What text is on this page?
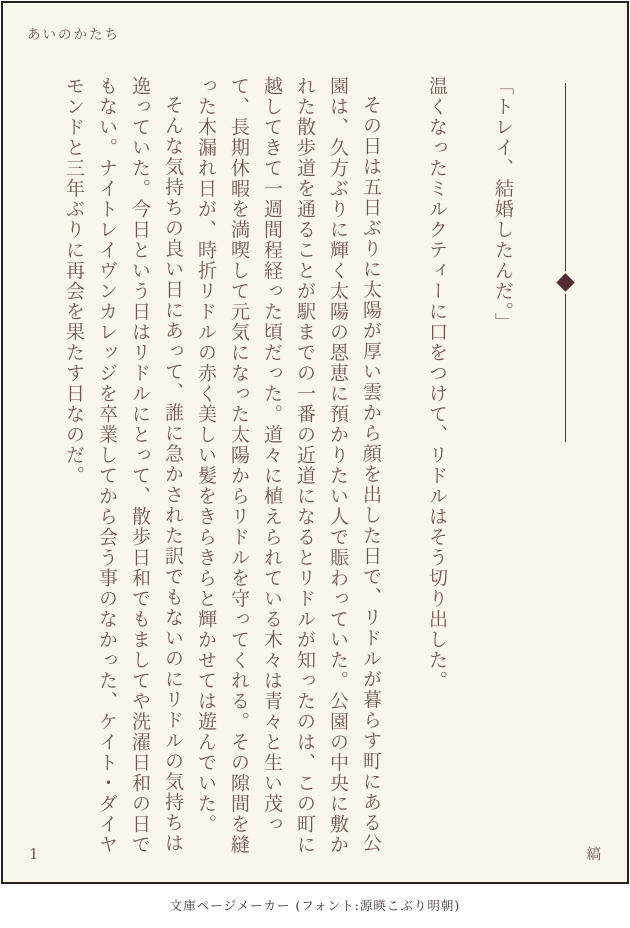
あいのかたち

「トレイ、結婚したんだ。」

温くなったミルクティーに口をつけて、リドルはそう切り出した。

その日は五日ぶりに太陽が厚い雲から顔を出した日で、リドルが暮らす町にある公園は、久方ぶりに輝く太陽の恩恵に預かりたい人で賑わっていた。公園の中央に敷かれた散歩道を通ることが駅までの一番の近道になるとリドルが知ったのは、この町に越してきて一週間程経った頃だった。道々に植えられている木々は青々と生い茂って、長期休暇を満喫して元気になった太陽からリドルを守ってくれる。その隙間を縫った木漏れ日が、時折リドルの赤く美しい髪をきらきらと輝かせては遊んでいた。

そんな気持ちの良い日にあって、誰に急かされた訳でもないのにリドルの気持ちは逸っていた。今日という日はリドルにとって、散歩日和でもましてや洗濯日和の日でもない。ナイトレイヴンカレッジを卒業してから会う事のなかった、ケイト・ダイヤモンドと三年ぶりに再会を果たす日なのだ。

1	縞
文庫ページメーカー (フォント:源暎こぶり明朝)
